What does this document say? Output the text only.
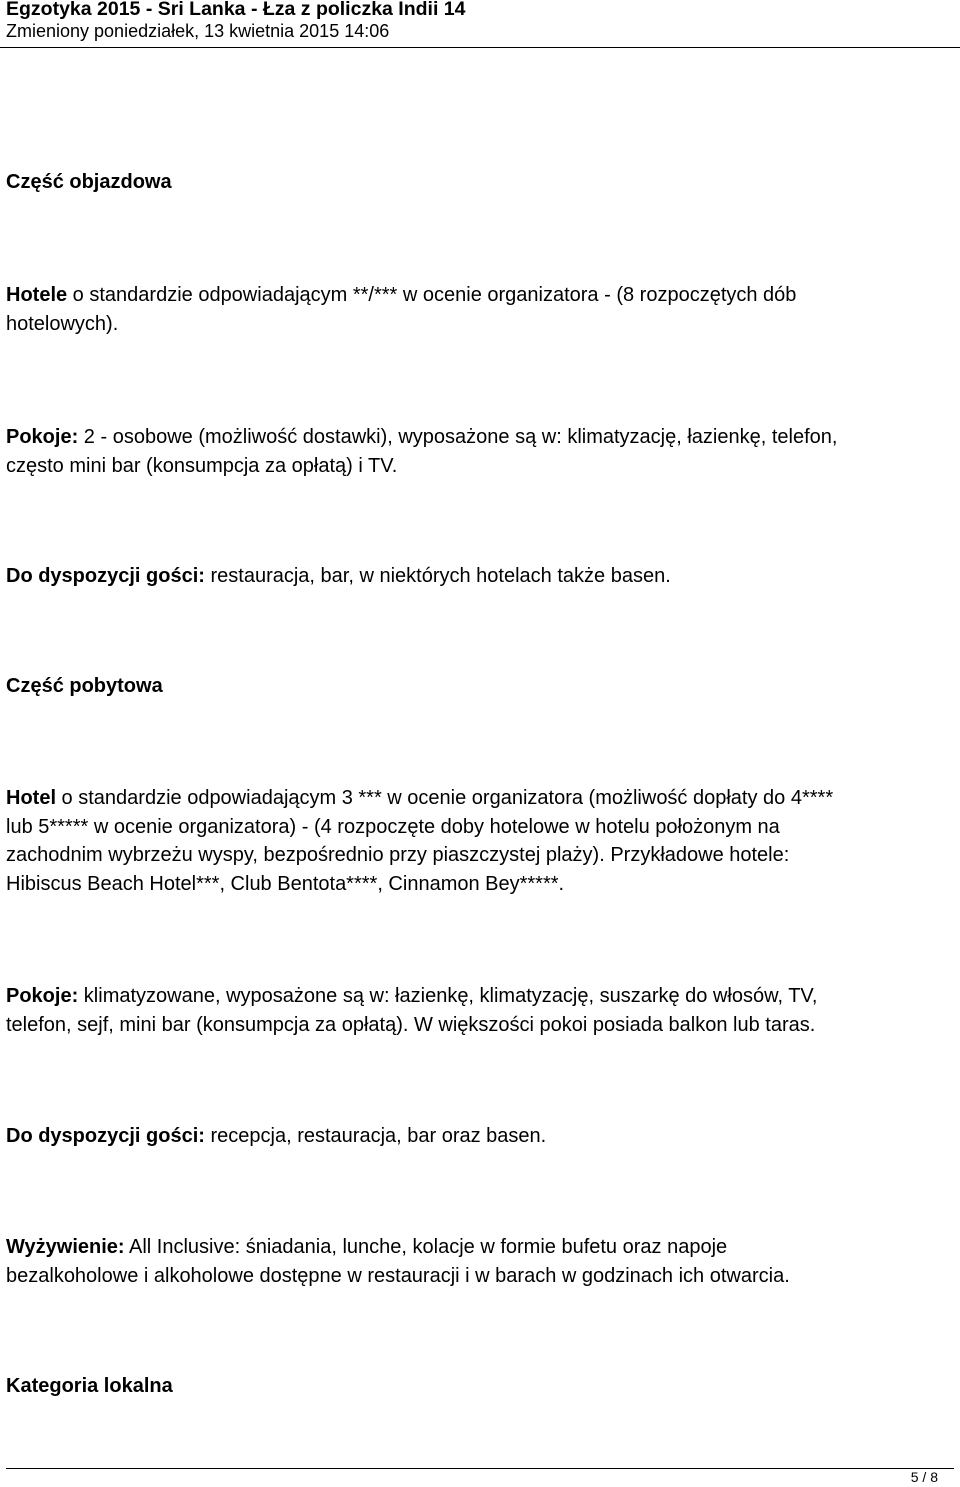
Egzotyka 2015 - Sri Lanka - Łza z policzka Indii 14
Zmieniony poniedziałek, 13 kwietnia 2015 14:06
Część objazdowa

Hotele o standardzie odpowiadającym **/*** w ocenie organizatora - (8 rozpoczętych dób
hotelowych).

Pokoje: 2 - osobowe (możliwość dostawki), wyposażone są w: klimatyzację, łazienkę, telefon,
często mini bar (konsumpcja za opłatą) i TV.

Do dyspozycji gości: restauracja, bar, w niektórych hotelach także basen.

Część pobytowa

Hotel o standardzie odpowiadającym 3 *** w ocenie organizatora (możliwość dopłaty do 4****
lub 5***** w ocenie organizatora) - (4 rozpoczęte doby hotelowe w hotelu położonym na
zachodnim wybrzeżu wyspy, bezpośrednio przy piaszczystej plaży). Przykładowe hotele:
Hibiscus Beach Hotel***, Club Bentota****, Cinnamon Bey*****.

Pokoje: klimatyzowane, wyposażone są w: łazienkę, klimatyzację, suszarkę do włosów, TV,
telefon, sejf, mini bar (konsumpcja za opłatą). W większości pokoi posiada balkon lub taras.

Do dyspozycji gości: recepcja, restauracja, bar oraz basen.

Wyżywienie: All Inclusive: śniadania, lunche, kolacje w formie bufetu oraz napoje
bezalkoholowe i alkoholowe dostępne w restauracji i w barach w godzinach ich otwarcia.

Kategoria lokalna
5 / 8
